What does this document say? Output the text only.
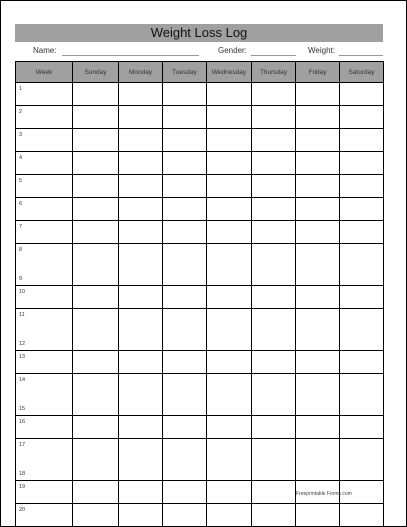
Weight Loss Log
Name:	Gender:	Weight:
Week	Sunday	Monday	Tuesday	Wednesday	Thursday	Friday	Saturday
1							
2							
3							
4							
5							
6							
7							
8
9							

10							
11
12							

13							
14
15							

16							
17
18							

19							
20							
Freeprintable Forms.com
